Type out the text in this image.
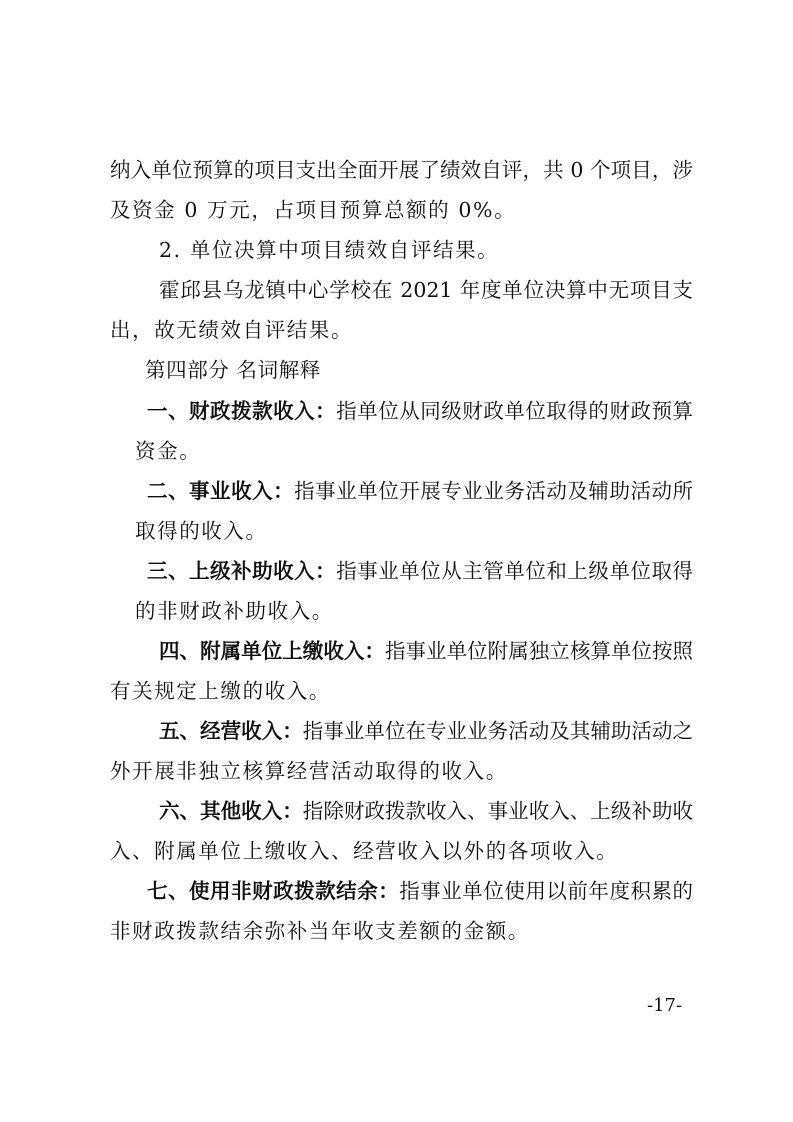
纳入单位预算的项目支出全面开展了绩效自评，共 0 个项目，涉
及资金 0 万元，占项目预算总额的 0%。
2. 单位决算中项目绩效自评结果。
霍邱县乌龙镇中心学校在 2021 年度单位决算中无项目支
出，故无绩效自评结果。
第四部分 名词解释
一、财政拨款收入：指单位从同级财政单位取得的财政预算
资金。
二、事业收入：指事业单位开展专业业务活动及辅助活动所
取得的收入。
三、上级补助收入：指事业单位从主管单位和上级单位取得
的非财政补助收入。
四、附属单位上缴收入：指事业单位附属独立核算单位按照
有关规定上缴的收入。
五、经营收入：指事业单位在专业业务活动及其辅助活动之
外开展非独立核算经营活动取得的收入。
六、其他收入：指除财政拨款收入、事业收入、上级补助收
入、附属单位上缴收入、经营收入以外的各项收入。
七、使用非财政拨款结余：指事业单位使用以前年度积累的
非财政拨款结余弥补当年收支差额的金额。
-17-
